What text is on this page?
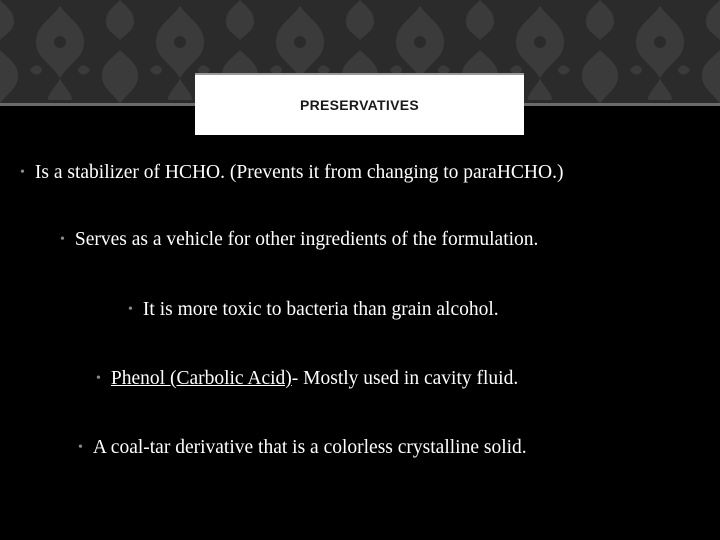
PRESERVATIVES
• Is a stabilizer of HCHO. (Prevents it from changing to paraHCHO.)
• Serves as a vehicle for other ingredients of the formulation.
• It is more toxic to bacteria than grain alcohol.
• Phenol (Carbolic Acid)- Mostly used in cavity fluid.
• A coal-tar derivative that is a colorless crystalline solid.
